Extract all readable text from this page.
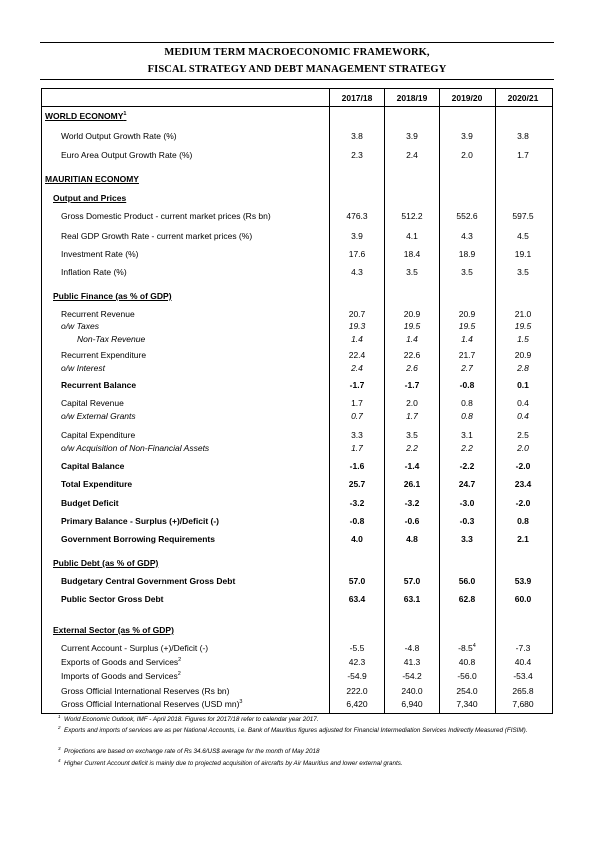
MEDIUM TERM MACROECONOMIC FRAMEWORK,
FISCAL STRATEGY AND DEBT MANAGEMENT STRATEGY
2017/18	2018/19	2019/20	2020/21
WORLD ECONOMY$^1$
MAURITIAN ECONOMY
Output and Prices
Public Finance (as % of GDP)
Public Debt (as % of GDP)
External Sector (as % of GDP)
World Output Growth Rate (%)	3.8	3.9	3.9	3.8
Euro Area Output Growth Rate (%)	2.3	2.4	2.0	1.7
Gross Domestic Product - current market prices (Rs bn)	476.3	512.2	552.6	597.5
Real GDP Growth Rate - current market prices (%)	3.9	4.1	4.3	4.5
Investment Rate (%)	17.6	18.4	18.9	19.1
Inflation Rate (%)	4.3	3.5	3.5	3.5
Recurrent Revenue	20.7	20.9	20.9	21.0
o/w Taxes	19.3	19.5	19.5	19.5
Non-Tax Revenue	1.4	1.4	1.4	1.5
Recurrent Expenditure	22.4	22.6	21.7	20.9
o/w Interest	2.4	2.6	2.7	2.8
Recurrent Balance	-1.7	-1.7	-0.8	0.1
Capital Revenue	1.7	2.0	0.8	0.4
o/w External Grants	0.7	1.7	0.8	0.4
Capital Expenditure	3.3	3.5	3.1	2.5
o/w Acquisition of Non-Financial Assets	1.7	2.2	2.2	2.0
Capital Balance	-1.6	-1.4	-2.2	-2.0
Total Expenditure	25.7	26.1	24.7	23.4
Budget Deficit	-3.2	-3.2	-3.0	-2.0
Primary Balance - Surplus (+)/Deficit (-)	-0.8	-0.6	-0.3	0.8
Government Borrowing Requirements	4.0	4.8	3.3	2.1
Budgetary Central Government Gross Debt	57.0	57.0	56.0	53.9
Public Sector Gross Debt	63.4	63.1	62.8	60.0
Current Account - Surplus (+)/Deficit (-)	-5.5	-4.8	$-8.5^4$	-7.3
Exports of Goods and Services$^2$	42.3	41.3	40.8	40.4
Imports of Goods and Services$^2$	-54.9	-54.2	-56.0	-53.4
Gross Official International Reserves (Rs bn)	222.0	240.0	254.0	265.8
Gross Official International Reserves (USD mn)$^3$	6,420	6,940	7,340	7,680
$^1$ World Economic Outlook, IMF - April 2018. Figures for 2017/18 refer to calendar year 2017.
$^2$ Exports and imports of services are as per National Accounts, i.e. Bank of Mauritius figures adjusted for Financial Intermediation Services Indirectly Measured (FISIM).
$^3$ Projections are based on exchange rate of Rs 34.6/US$ average for the month of May 2018
$^4$ Higher Current Account deficit is mainly due to projected acquisition of aircrafts by Air Mauritius and lower external grants.
